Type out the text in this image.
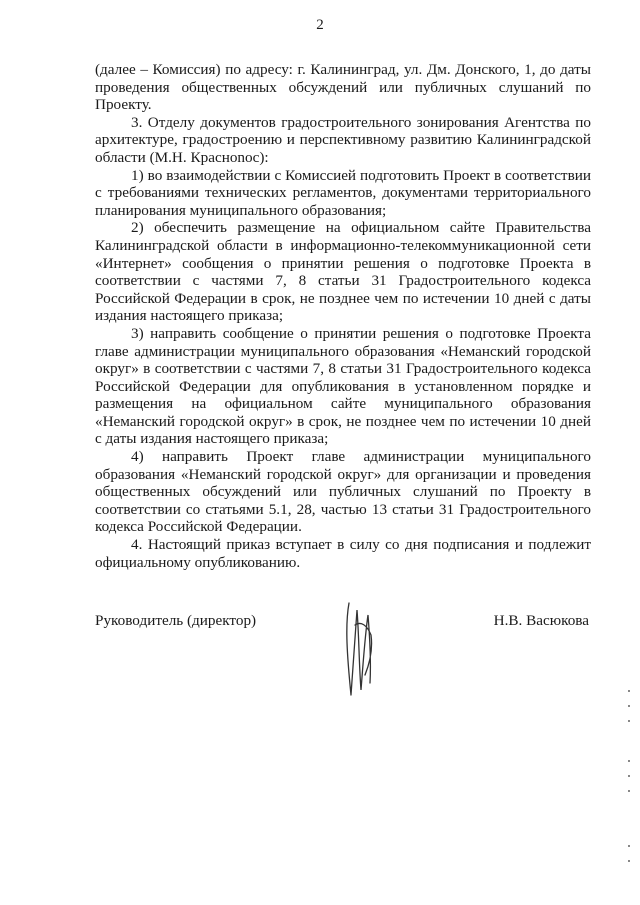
2

(далее – Комиссия) по адресу: г. Калининград, ул. Дм. Донского, 1, до даты проведения общественных обсуждений или публичных слушаний по Проекту.

3. Отделу документов градостроительного зонирования Агентства по архитектуре, градостроению и перспективному развитию Калининградской области (М.Н. Красноnoс):

1) во взаимодействии с Комиссией подготовить Проект в соответствии с требованиями технических регламентов, документами территориального планирования муниципального образования;

2) обеспечить размещение на официальном сайте Правительства Калининградской области в информационно-телекоммуникационной сети «Интернет» сообщения о принятии решения о подготовке Проекта в соответствии с частями 7, 8 статьи 31 Градостроительного кодекса Российской Федерации в срок, не позднее чем по истечении 10 дней с даты издания настоящего приказа;

3) направить сообщение о принятии решения о подготовке Проекта главе администрации муниципального образования «Неманский городской округ» в соответствии с частями 7, 8 статьи 31 Градостроительного кодекса Российской Федерации для опубликования в установленном порядке и размещения на официальном сайте муниципального образования «Неманский городской округ» в срок, не позднее чем по истечении 10 дней с даты издания настоящего приказа;

4) направить Проект главе администрации муниципального образования «Неманский городской округ» для организации и проведения общественных обсуждений или публичных слушаний по Проекту в соответствии со статьями 5.1, 28, частью 13 статьи 31 Градостроительного кодекса Российской Федерации.

4. Настоящий приказ вступает в силу со дня подписания и подлежит официальному опубликованию.

Руководитель (директор)	Н.В. Васюкова
